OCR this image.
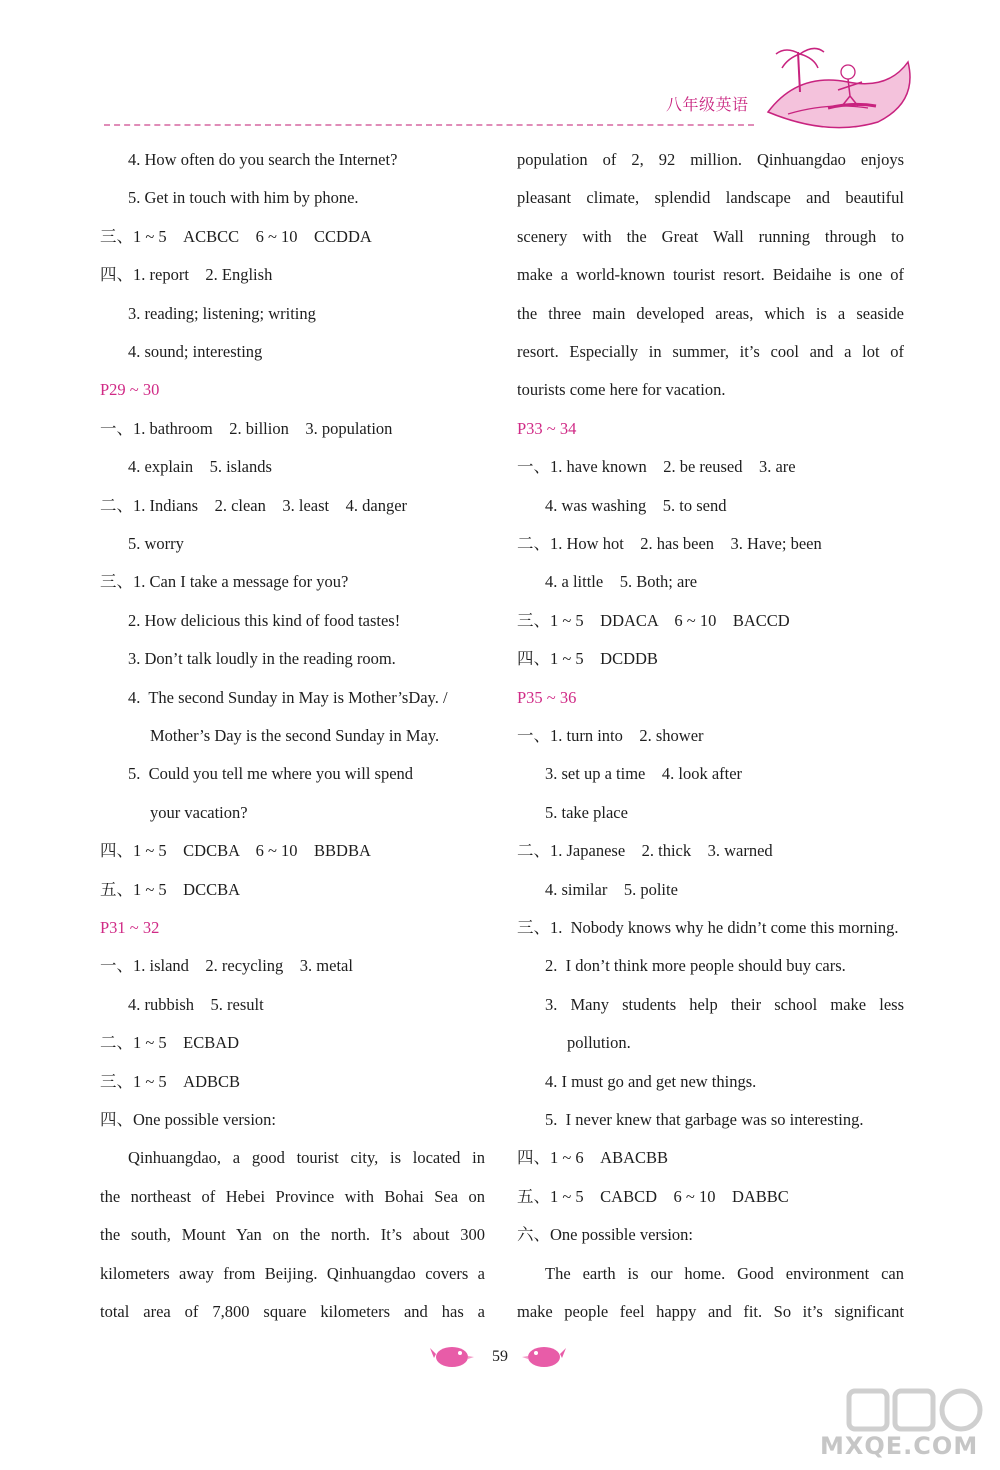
八年级英语
4. How often do you search the Internet?
5. Get in touch with him by phone.
三、1 ~ 5    ACBCC    6 ~ 10    CCDDA
四、1. report    2. English
3. reading; listening; writing
4. sound; interesting
P29 ~ 30
一、1. bathroom    2. billion    3. population
4. explain    5. islands
二、1. Indians    2. clean    3. least    4. danger
5. worry
三、1. Can I take a message for you?
2. How delicious this kind of food tastes!
3. Don’t talk loudly in the reading room.
4.  The second Sunday in May is Mother’sDay. /
Mother’s Day is the second Sunday in May.
5.  Could you tell me where you will spend
your vacation?
四、1 ~ 5    CDCBA    6 ~ 10    BBDBA
五、1 ~ 5    DCCBA
P31 ~ 32
一、1. island    2. recycling    3. metal
4. rubbish    5. result
二、1 ~ 5    ECBAD
三、1 ~ 5    ADBCB
四、One possible version:
Qinhuangdao, a good tourist city, is located in
the northeast of Hebei Province with Bohai Sea on
the south, Mount Yan on the north. It’s about 300
kilometers away from Beijing. Qinhuangdao covers a
total area of 7,800 square kilometers and has a
population of 2, 92 million. Qinhuangdao enjoys
pleasant climate, splendid landscape and beautiful
scenery with the Great Wall running through to
make a world-known tourist resort. Beidaihe is one of
the three main developed areas, which is a seaside
resort. Especially in summer, it’s cool and a lot of
tourists come here for vacation.
P33 ~ 34
一、1. have known    2. be reused    3. are
4. was washing    5. to send
二、1. How hot    2. has been    3. Have; been
4. a little    5. Both; are
三、1 ~ 5    DDACA    6 ~ 10    BACCD
四、1 ~ 5    DCDDB
P35 ~ 36
一、1. turn into    2. shower
3. set up a time    4. look after
5. take place
二、1. Japanese    2. thick    3. warned
4. similar    5. polite
三、1.  Nobody knows why he didn’t come this morning.
2.  I don’t think more people should buy cars.
3. Many students help their school make less
pollution.
4. I must go and get new things.
5.  I never knew that garbage was so interesting.
四、1 ~ 6    ABACBB
五、1 ~ 5    CABCD    6 ~ 10    DABBC
六、One possible version:
The earth is our home. Good environment can
make people feel happy and fit. So it’s significant
59
MXQE.COM
